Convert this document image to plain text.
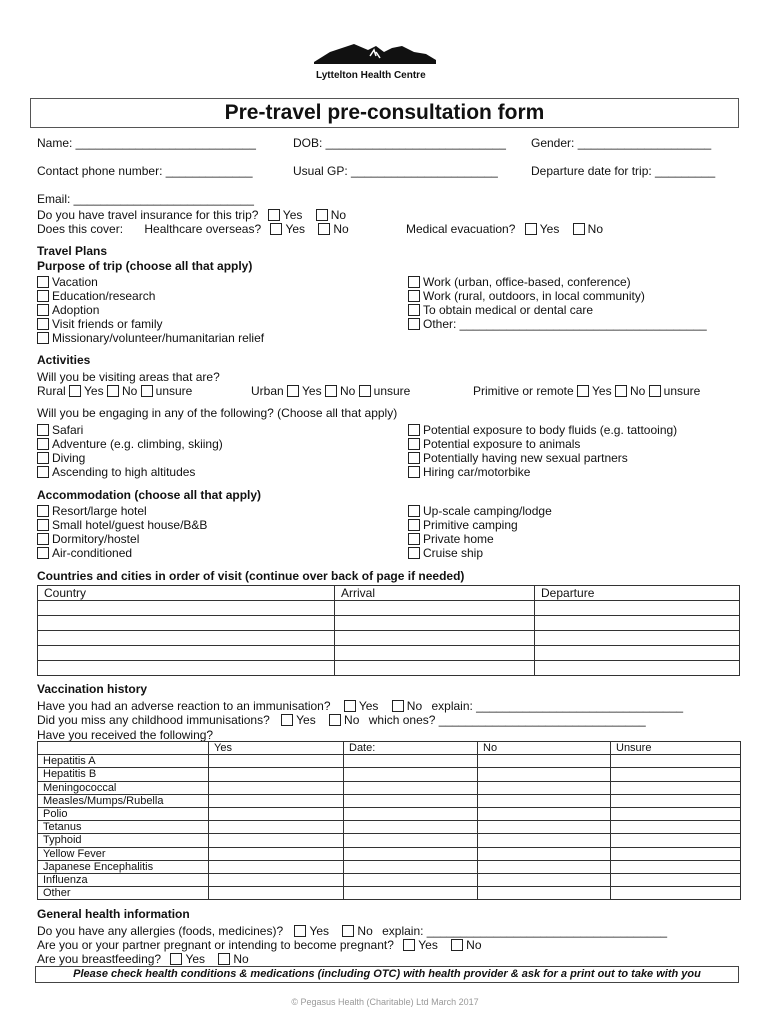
Lyttelton Health Centre
Pre-travel pre-consultation form
Name: ___________________________	DOB: ___________________________ Gender: ____________________
Contact phone number: _____________	Usual GP: ______________________	Departure date for trip: _________
Email: ___________________________
Do you have travel insurance for this trip? Yes No
Does this cover: Healthcare overseas? Yes No	Medical evacuation? Yes No
Travel Plans
Purpose of trip (choose all that apply)
Vacation
Education/research
Adoption
Visit friends or family
Missionary/volunteer/humanitarian relief
Work (urban, office-based, conference)
Work (rural, outdoors, in local community)
To obtain medical or dental care
Other: _____________________________________
Activities
Will you be visiting areas that are?
Rural Yes No unsure	Urban Yes No unsure	Primitive or remote Yes No unsure
Will you be engaging in any of the following? (Choose all that apply)
Safari
Adventure (e.g. climbing, skiing)
Diving
Ascending to high altitudes
Potential exposure to body fluids (e.g. tattooing)
Potential exposure to animals
Potentially having new sexual partners
Hiring car/motorbike
Accommodation (choose all that apply)
Resort/large hotel
Small hotel/guest house/B&B
Dormitory/hostel
Air-conditioned
Up-scale camping/lodge
Primitive camping
Private home
Cruise ship
Countries and cities in order of visit (continue over back of page if needed)
Country	Arrival	Departure

Vaccination history
Have you had an adverse reaction to an immunisation? Yes No explain: _______________________________
Did you miss any childhood immunisations? Yes No which ones? _______________________________
Have you received the following?
	Yes	Date:	No	Unsure
Hepatitis A				
Hepatitis B				
Meningococcal				
Measles/Mumps/Rubella				
Polio				
Tetanus				
Typhoid				
Yellow Fever				
Japanese Encephalitis				
Influenza				
Other				
General health information
Do you have any allergies (foods, medicines)? Yes No explain: ____________________________________
Are you or your partner pregnant or intending to become pregnant? Yes No
Are you breastfeeding? Yes No
Please check health conditions & medications (including OTC) with health provider & ask for a print out to take with you
© Pegasus Health (Charitable) Ltd March 2017
